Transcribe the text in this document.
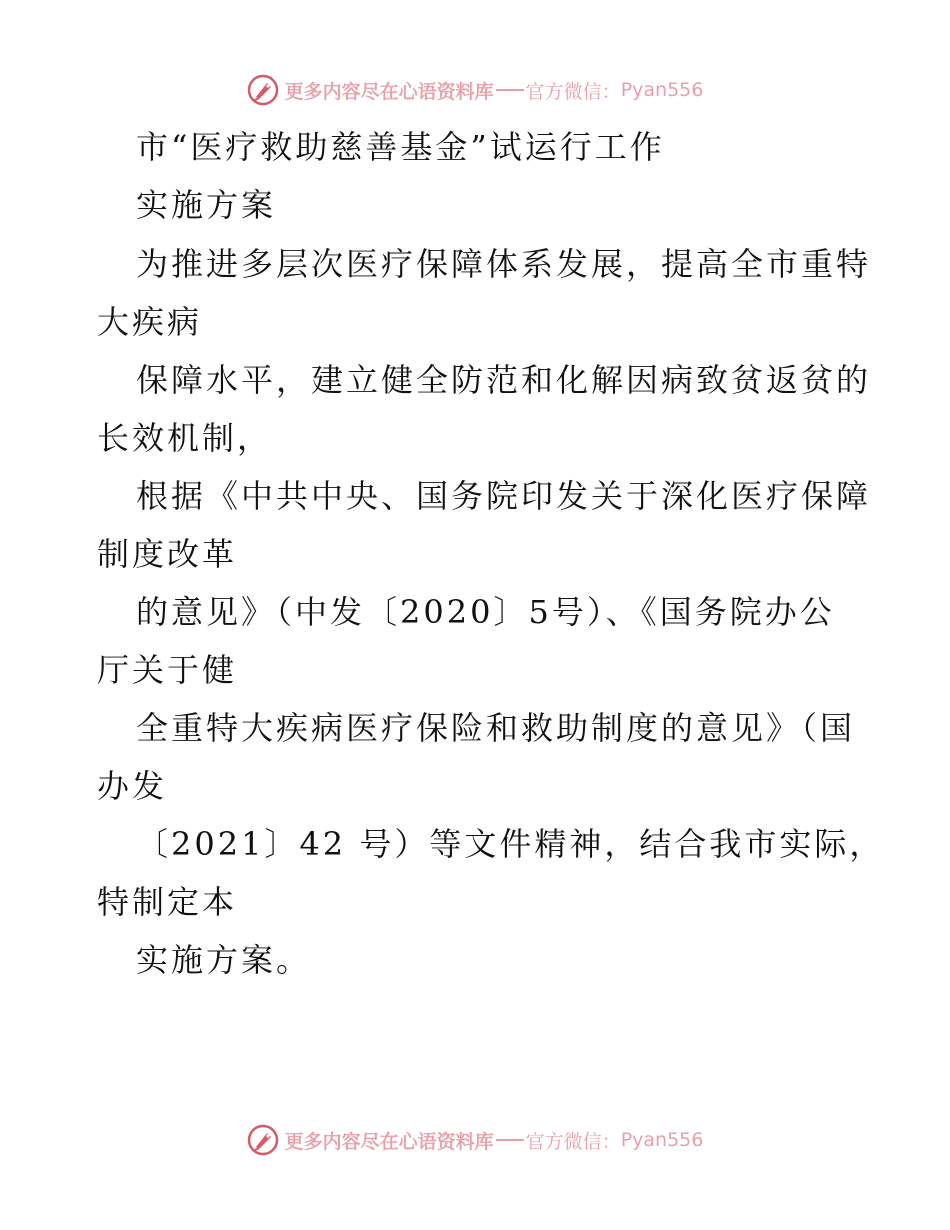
更多内容尽在心语资料库 官方微信： Pyan556
市“医疗救助慈善基金”试运行工作
实施方案
为推进多层次医疗保障体系发展，提高全市重特
大疾病
保障水平，建立健全防范和化解因病致贫返贫的
长效机制，
根据《中共中央、国务院印发关于深化医疗保障
制度改革
的意见》（中发〔2020〕5号）、《国务院办公
厅关于健
全重特大疾病医疗保险和救助制度的意见》（国
办发
〔2021〕42 号）等文件精神，结合我市实际，
特制定本
实施方案。
更多内容尽在心语资料库 官方微信： Pyan556
